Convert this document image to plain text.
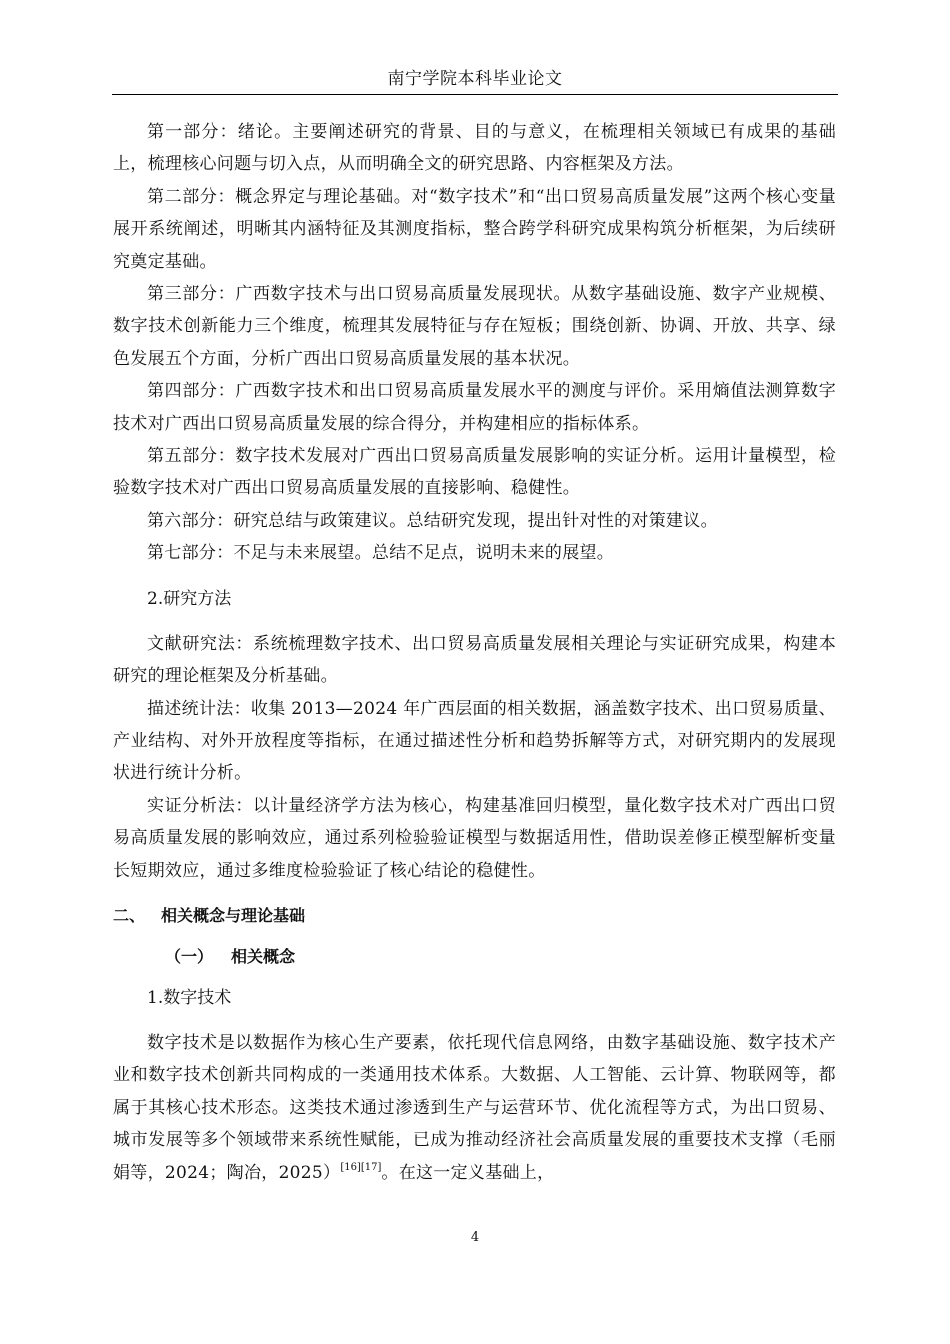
南宁学院本科毕业论文

第一部分：绪论。主要阐述研究的背景、目的与意义，在梳理相关领域已有成果的基础上，梳理核心问题与切入点，从而明确全文的研究思路、内容框架及方法。

第二部分：概念界定与理论基础。对“数字技术”和“出口贸易高质量发展”这两个核心变量展开系统阐述，明晰其内涵特征及其测度指标，整合跨学科研究成果构筑分析框架，为后续研究奠定基础。

第三部分：广西数字技术与出口贸易高质量发展现状。从数字基础设施、数字产业规模、数字技术创新能力三个维度，梳理其发展特征与存在短板；围绕创新、协调、开放、共享、绿色发展五个方面，分析广西出口贸易高质量发展的基本状况。

第四部分：广西数字技术和出口贸易高质量发展水平的测度与评价。采用熵值法测算数字技术对广西出口贸易高质量发展的综合得分，并构建相应的指标体系。

第五部分：数字技术发展对广西出口贸易高质量发展影响的实证分析。运用计量模型，检验数字技术对广西出口贸易高质量发展的直接影响、稳健性。

第六部分：研究总结与政策建议。总结研究发现，提出针对性的对策建议。

第七部分：不足与未来展望。总结不足点，说明未来的展望。

2.研究方法

文献研究法：系统梳理数字技术、出口贸易高质量发展相关理论与实证研究成果，构建本研究的理论框架及分析基础。

描述统计法：收集 2013—2024 年广西层面的相关数据，涵盖数字技术、出口贸易质量、产业结构、对外开放程度等指标，在通过描述性分析和趋势拆解等方式，对研究期内的发展现状进行统计分析。

实证分析法：以计量经济学方法为核心，构建基准回归模型，量化数字技术对广西出口贸易高质量发展的影响效应，通过系列检验验证模型与数据适用性，借助误差修正模型解析变量长短期效应，通过多维度检验验证了核心结论的稳健性。

二、 相关概念与理论基础

（一） 相关概念

1.数字技术

数字技术是以数据作为核心生产要素，依托现代信息网络，由数字基础设施、数字技术产业和数字技术创新共同构成的一类通用技术体系。大数据、人工智能、云计算、物联网等，都属于其核心技术形态。这类技术通过渗透到生产与运营环节、优化流程等方式，为出口贸易、城市发展等多个领域带来系统性赋能，已成为推动经济社会高质量发展的重要技术支撑（毛丽娟等，2024；陶冶，2025）[16][17]。在这一定义基础上，

4
